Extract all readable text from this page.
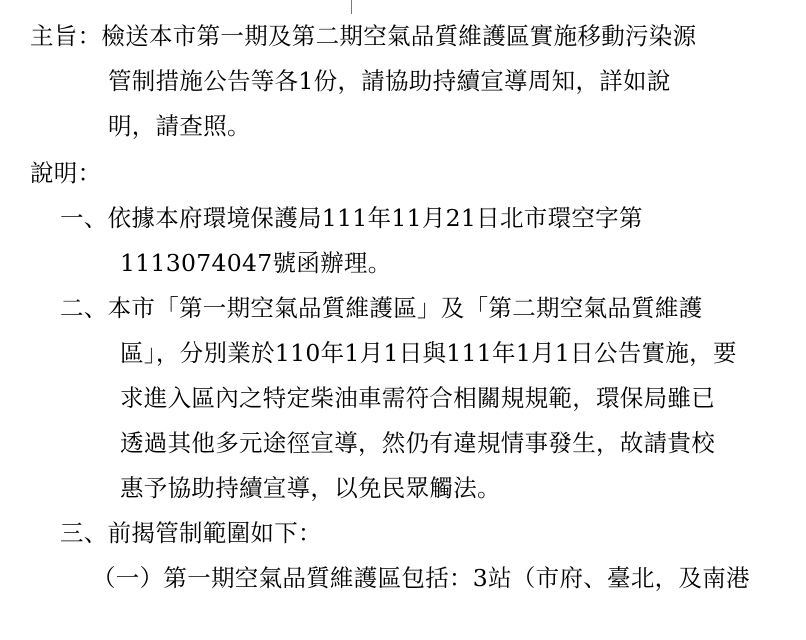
主旨：檢送本市第一期及第二期空氣品質維護區實施移動污染源

管制措施公告等各1份，請協助持續宣導周知，詳如說

明，請查照。

說明：

一、依據本府環境保護局111年11月21日北市環空字第

1113074047號函辦理。

二、本市「第一期空氣品質維護區」及「第二期空氣品質維護

區」，分別業於110年1月1日與111年1月1日公告實施，要

求進入區內之特定柴油車需符合相關規規範，環保局雖已

透過其他多元途徑宣導，然仍有違規情事發生，故請貴校

惠予協助持續宣導，以免民眾觸法。

三、前揭管制範圍如下：

（一）第一期空氣品質維護區包括：3站（市府、臺北，及南港
